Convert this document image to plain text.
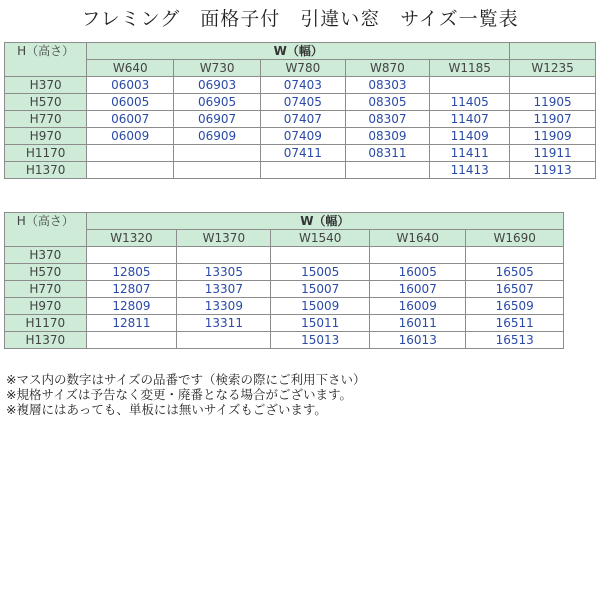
フレミング　面格子付　引違い窓　サイズ一覧表
H（高さ）	W（幅）					
	W640	W730	W780	W870	W1185	W1235
H370	06003	06903	07403	08303		
H570	06005	06905	07405	08305	11405	11905
H770	06007	06907	07407	08307	11407	11907
H970	06009	06909	07409	08309	11409	11909
H1170			07411	08311	11411	11911
H1370					11413	11913
H（高さ）	W（幅）				
	W1320	W1370	W1540	W1640	W1690
H370					
H570	12805	13305	15005	16005	16505
H770	12807	13307	15007	16007	16507
H970	12809	13309	15009	16009	16509
H1170	12811	13311	15011	16011	16511
H1370			15013	16013	16513
※マス内の数字はサイズの品番です（検索の際にご利用下さい）
※規格サイズは予告なく変更・廃番となる場合がございます。
※複層にはあっても、単板には無いサイズもございます。
